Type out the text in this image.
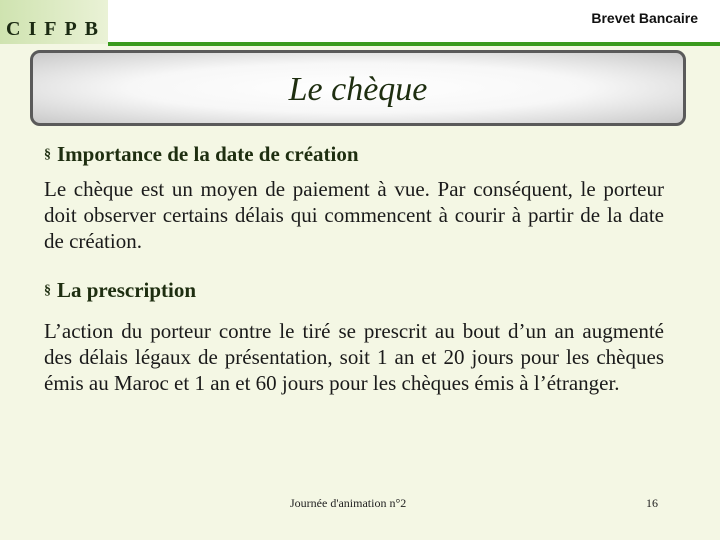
CIFPB	Brevet Bancaire
Le chèque
§ Importance de la date de création
Le chèque est un moyen de paiement à vue. Par conséquent, le porteur doit observer certains délais qui commencent à courir à partir de la date de création.
§ La prescription
L’action du porteur contre le tiré se prescrit au bout d’un an augmenté des délais légaux de présentation, soit 1 an et 20 jours pour les chèques émis au Maroc et 1 an et 60 jours pour les chèques émis à l’étranger.
Journée d'animation n°2	16
